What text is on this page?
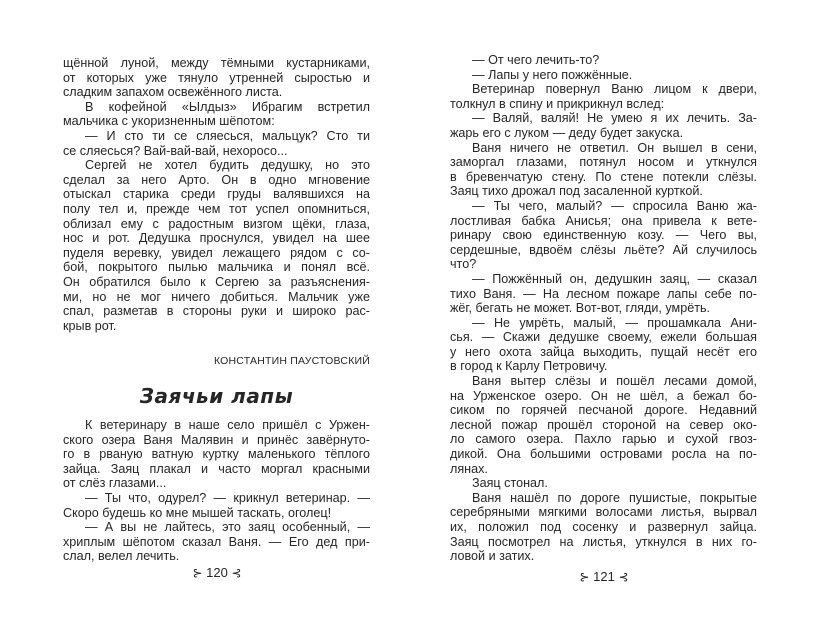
щённой луной, между тёмными кустарниками,
от которых уже тянуло утренней сыростью и
сладким запахом освежённого листа.
В кофейной «Ылдыз» Ибрагим встретил
мальчика с укоризненным шёпотом:
— И сто ти се сляесься, мальцук? Сто ти
се сляесься? Вай-вай-вай, нехоросо...
Сергей не хотел будить дедушку, но это
сделал за него Арто. Он в одно мгновение
отыскал старика среди груды валявшихся на
полу тел и, прежде чем тот успел опомниться,
облизал ему с радостным визгом щёки, глаза,
нос и рот. Дедушка проснулся, увидел на шее
пуделя веревку, увидел лежащего рядом с со-
бой, покрытого пылью мальчика и понял всё.
Он обратился было к Сергею за разъяснения-
ми, но не мог ничего добиться. Мальчик уже
спал, разметав в стороны руки и широко рас-
крыв рот.
КОНСТАНТИН ПАУСТОВСКИЙ
Заячьи лапы
К ветеринару в наше село пришёл с Уржен-
ского озера Ваня Малявин и принёс завёрнуто-
го в рваную ватную куртку маленького тёплого
зайца. Заяц плакал и часто моргал красными
от слёз глазами...
— Ты что, одурел? — крикнул ветеринар. —
Скоро будешь ко мне мышей таскать, оголец!
— А вы не лайтесь, это заяц особенный, —
хриплым шёпотом сказал Ваня. — Его дед при-
слал, велел лечить.
⊱ 120 ⊰
— От чего лечить-то?
— Лапы у него пожжённые.
Ветеринар повернул Ваню лицом к двери,
толкнул в спину и прикрикнул вслед:
— Валяй, валяй! Не умею я их лечить. За-
жарь его с луком — деду будет закуска.
Ваня ничего не ответил. Он вышел в сени,
заморгал глазами, потянул носом и уткнулся
в бревенчатую стену. По стене потекли слёзы.
Заяц тихо дрожал под засаленной курткой.
— Ты чего, малый? — спросила Ваню жа-
лостливая бабка Анисья; она привела к вете-
ринару свою единственную козу. — Чего вы,
сердешные, вдвоём слёзы льёте? Ай случилось
что?
— Пожжённый он, дедушкин заяц, — сказал
тихо Ваня. — На лесном пожаре лапы себе по-
жёг, бегать не может. Вот-вот, гляди, умрёть.
— Не умрёть, малый, — прошамкала Ани-
сья. — Скажи дедушке своему, ежели большая
у него охота зайца выходить, пущай несёт его
в город к Карлу Петровичу.
Ваня вытер слёзы и пошёл лесами домой,
на Урженское озеро. Он не шёл, а бежал бо-
сиком по горячей песчаной дороге. Недавний
лесной пожар прошёл стороной на север око-
ло самого озера. Пахло гарью и сухой гвоз-
дикой. Она большими островами росла на по-
лянах.
Заяц стонал.
Ваня нашёл по дороге пушистые, покрытые
серебряными мягкими волосами листья, вырвал
их, положил под сосенку и развернул зайца.
Заяц посмотрел на листья, уткнулся в них го-
ловой и затих.
⊱ 121 ⊰
